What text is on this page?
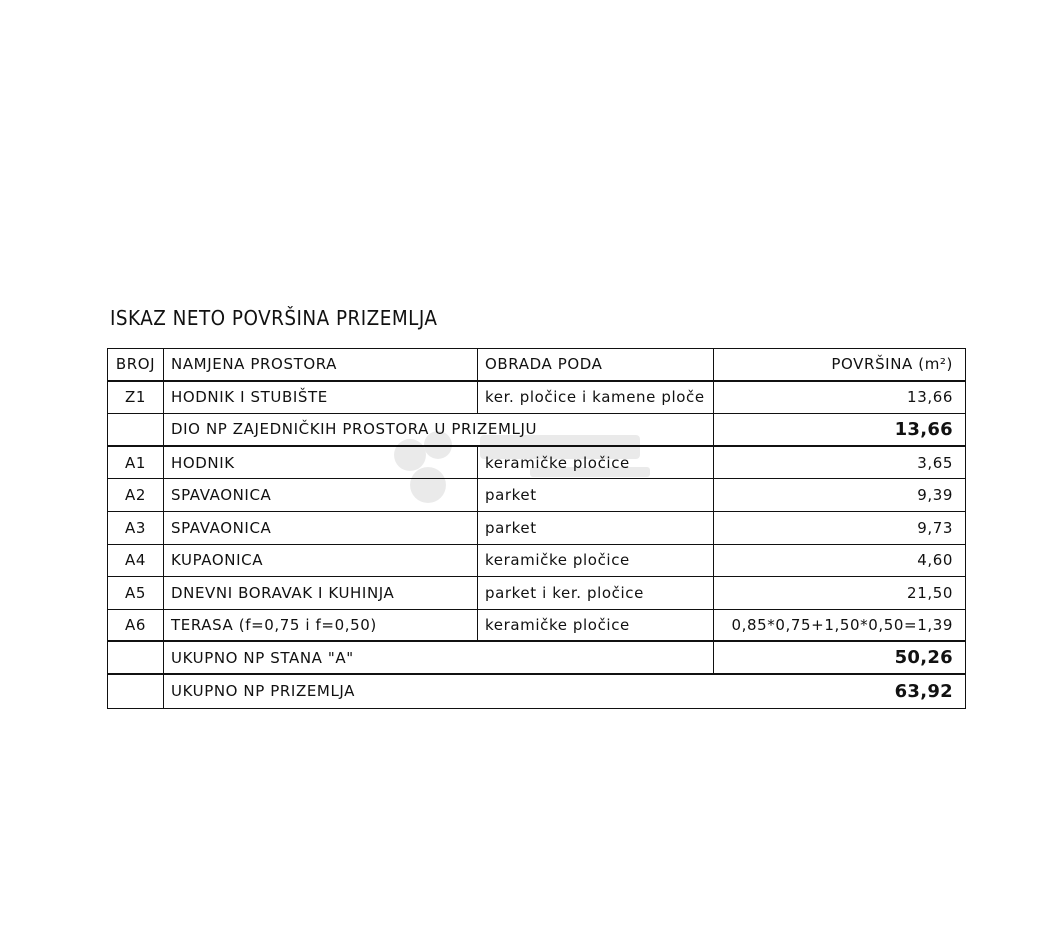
ISKAZ NETO POVRŠINA PRIZEMLJA
BROJ	NAMJENA PROSTORA	OBRADA PODA	POVRŠINA (m²)
Z1	HODNIK I STUBIŠTE	ker. pločice i kamene ploče	13,66
DIO NP ZAJEDNIČKIH PROSTORA U PRIZEMLJU	13,66
A1	HODNIK	keramičke pločice	3,65
A2	SPAVAONICA	parket	9,39
A3	SPAVAONICA	parket	9,73
A4	KUPAONICA	keramičke pločice	4,60
A5	DNEVNI BORAVAK I KUHINJA	parket i ker. pločice	21,50
A6	TERASA (f=0,75 i f=0,50)	keramičke pločice	0,85*0,75+1,50*0,50=1,39
UKUPNO NP STANA "A"	50,26
UKUPNO NP PRIZEMLJA	63,92
